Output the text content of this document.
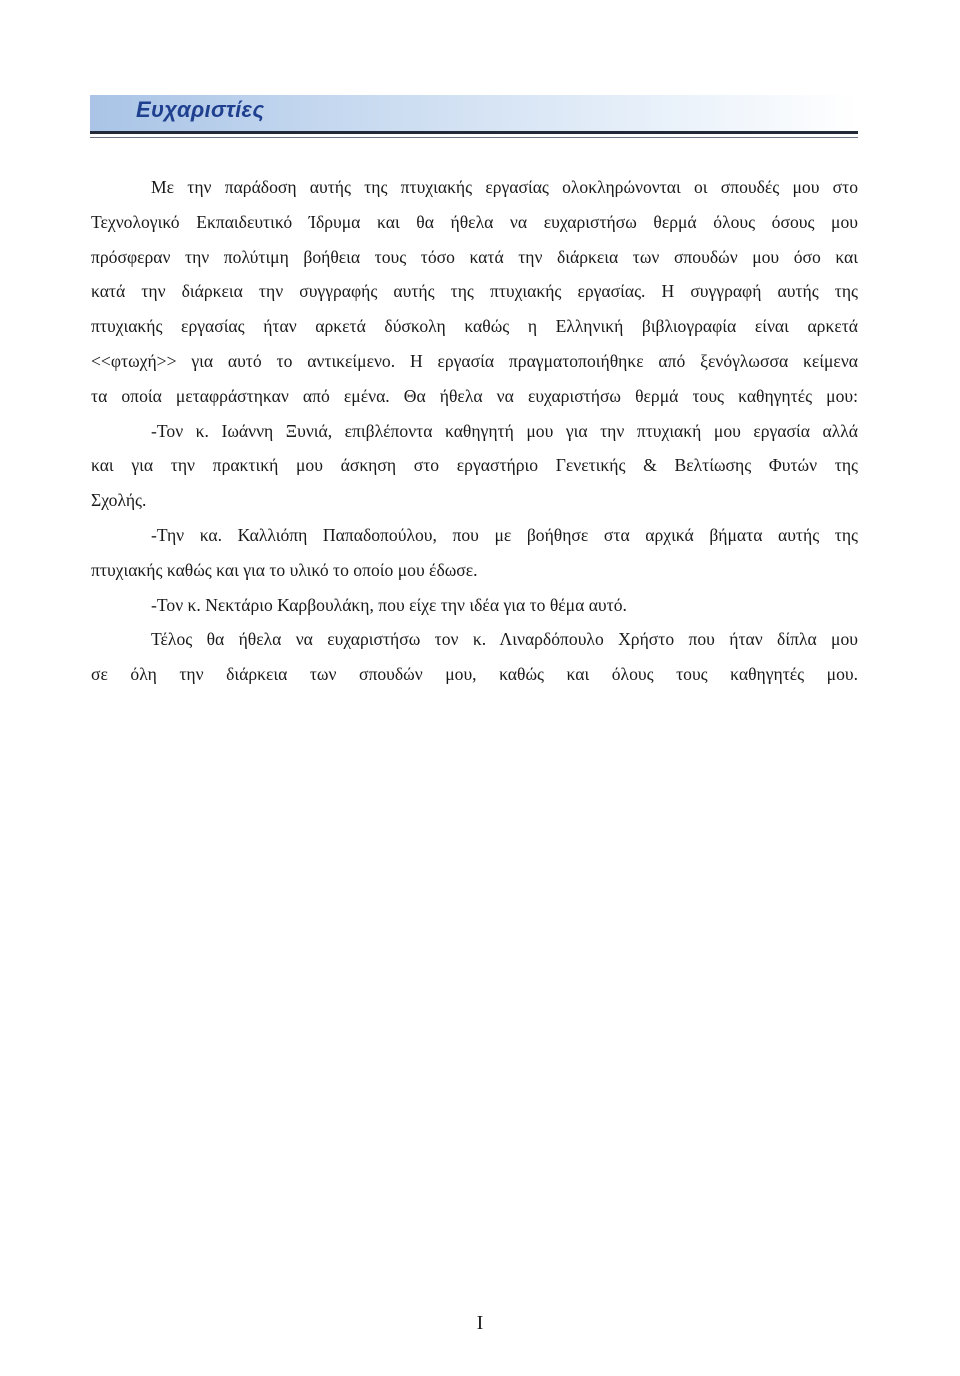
Ευχαριστίες
Με την παράδοση αυτής της πτυχιακής εργασίας ολοκληρώνονται οι σπουδές μου στο
Τεχνολογικό Εκπαιδευτικό Ίδρυμα και θα ήθελα να ευχαριστήσω θερμά όλους όσους μου
πρόσφεραν την πολύτιμη βοήθεια τους τόσο κατά την διάρκεια των σπουδών μου όσο και
κατά την διάρκεια την συγγραφής αυτής της πτυχιακής εργασίας. Η συγγραφή αυτής της
πτυχιακής εργασίας ήταν αρκετά δύσκολη καθώς η Ελληνική βιβλιογραφία είναι αρκετά
<<φτωχή>> για αυτό το αντικείμενο. Η εργασία πραγματοποιήθηκε από ξενόγλωσσα κείμενα
τα οποία μεταφράστηκαν από εμένα. Θα ήθελα να ευχαριστήσω θερμά τους καθηγητές μου:
-Τον κ. Ιωάννη Ξυνιά, επιβλέποντα καθηγητή μου για την πτυχιακή μου εργασία αλλά
και για την πρακτική μου άσκηση στο εργαστήριο Γενετικής & Βελτίωσης Φυτών της
Σχολής.
-Την κα. Καλλιόπη Παπαδοπούλου, που με βοήθησε στα αρχικά βήματα αυτής της
πτυχιακής καθώς και για το υλικό το οποίο μου έδωσε.
-Τον κ. Νεκτάριο Καρβουλάκη, που είχε την ιδέα για το θέμα αυτό.
Τέλος θα ήθελα να ευχαριστήσω τον κ. Λιναρδόπουλο Χρήστο που ήταν δίπλα μου
σε όλη την διάρκεια των σπουδών μου, καθώς και όλους τους καθηγητές μου.
I
